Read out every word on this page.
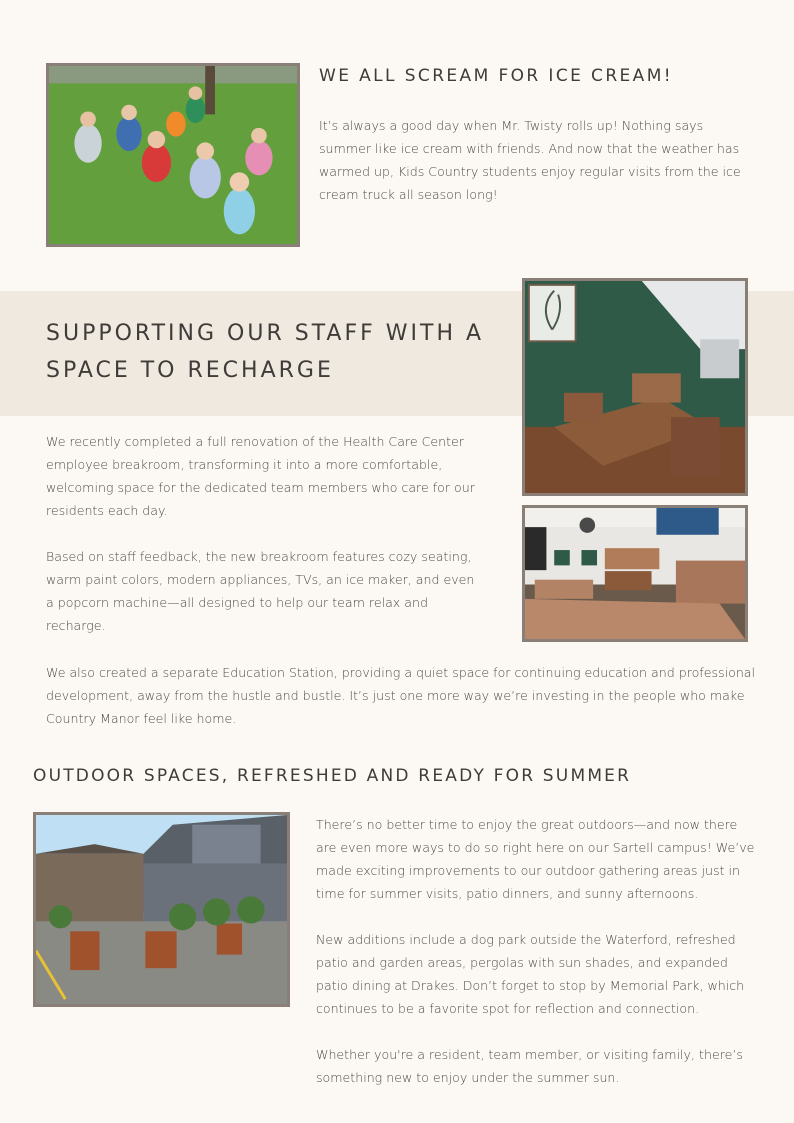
WE ALL SCREAM FOR ICE CREAM!

It’s always a good day when Mr. Twisty rolls up! Nothing says summer like ice cream with friends. And now that the weather has warmed up, Kids Country students enjoy regular visits from the ice cream truck all season long!

SUPPORTING OUR STAFF WITH A
SPACE TO RECHARGE

We recently completed a full renovation of the Health Care Center employee breakroom, transforming it into a more comfortable, welcoming space for the dedicated team members who care for our residents each day.

Based on staff feedback, the new breakroom features cozy seating, warm paint colors, modern appliances, TVs, an ice maker, and even a popcorn machine—all designed to help our team relax and recharge.

We also created a separate Education Station, providing a quiet space for continuing education and professional development, away from the hustle and bustle. It’s just one more way we’re investing in the people who make Country Manor feel like home.

OUTDOOR SPACES, REFRESHED AND READY FOR SUMMER

There’s no better time to enjoy the great outdoors—and now there are even more ways to do so right here on our Sartell campus! We’ve made exciting improvements to our outdoor gathering areas just in time for summer visits, patio dinners, and sunny afternoons.

New additions include a dog park outside the Waterford, refreshed patio and garden areas, pergolas with sun shades, and expanded patio dining at Drakes. Don’t forget to stop by Memorial Park, which continues to be a favorite spot for reflection and connection.

Whether you're a resident, team member, or visiting family, there’s something new to enjoy under the summer sun.
